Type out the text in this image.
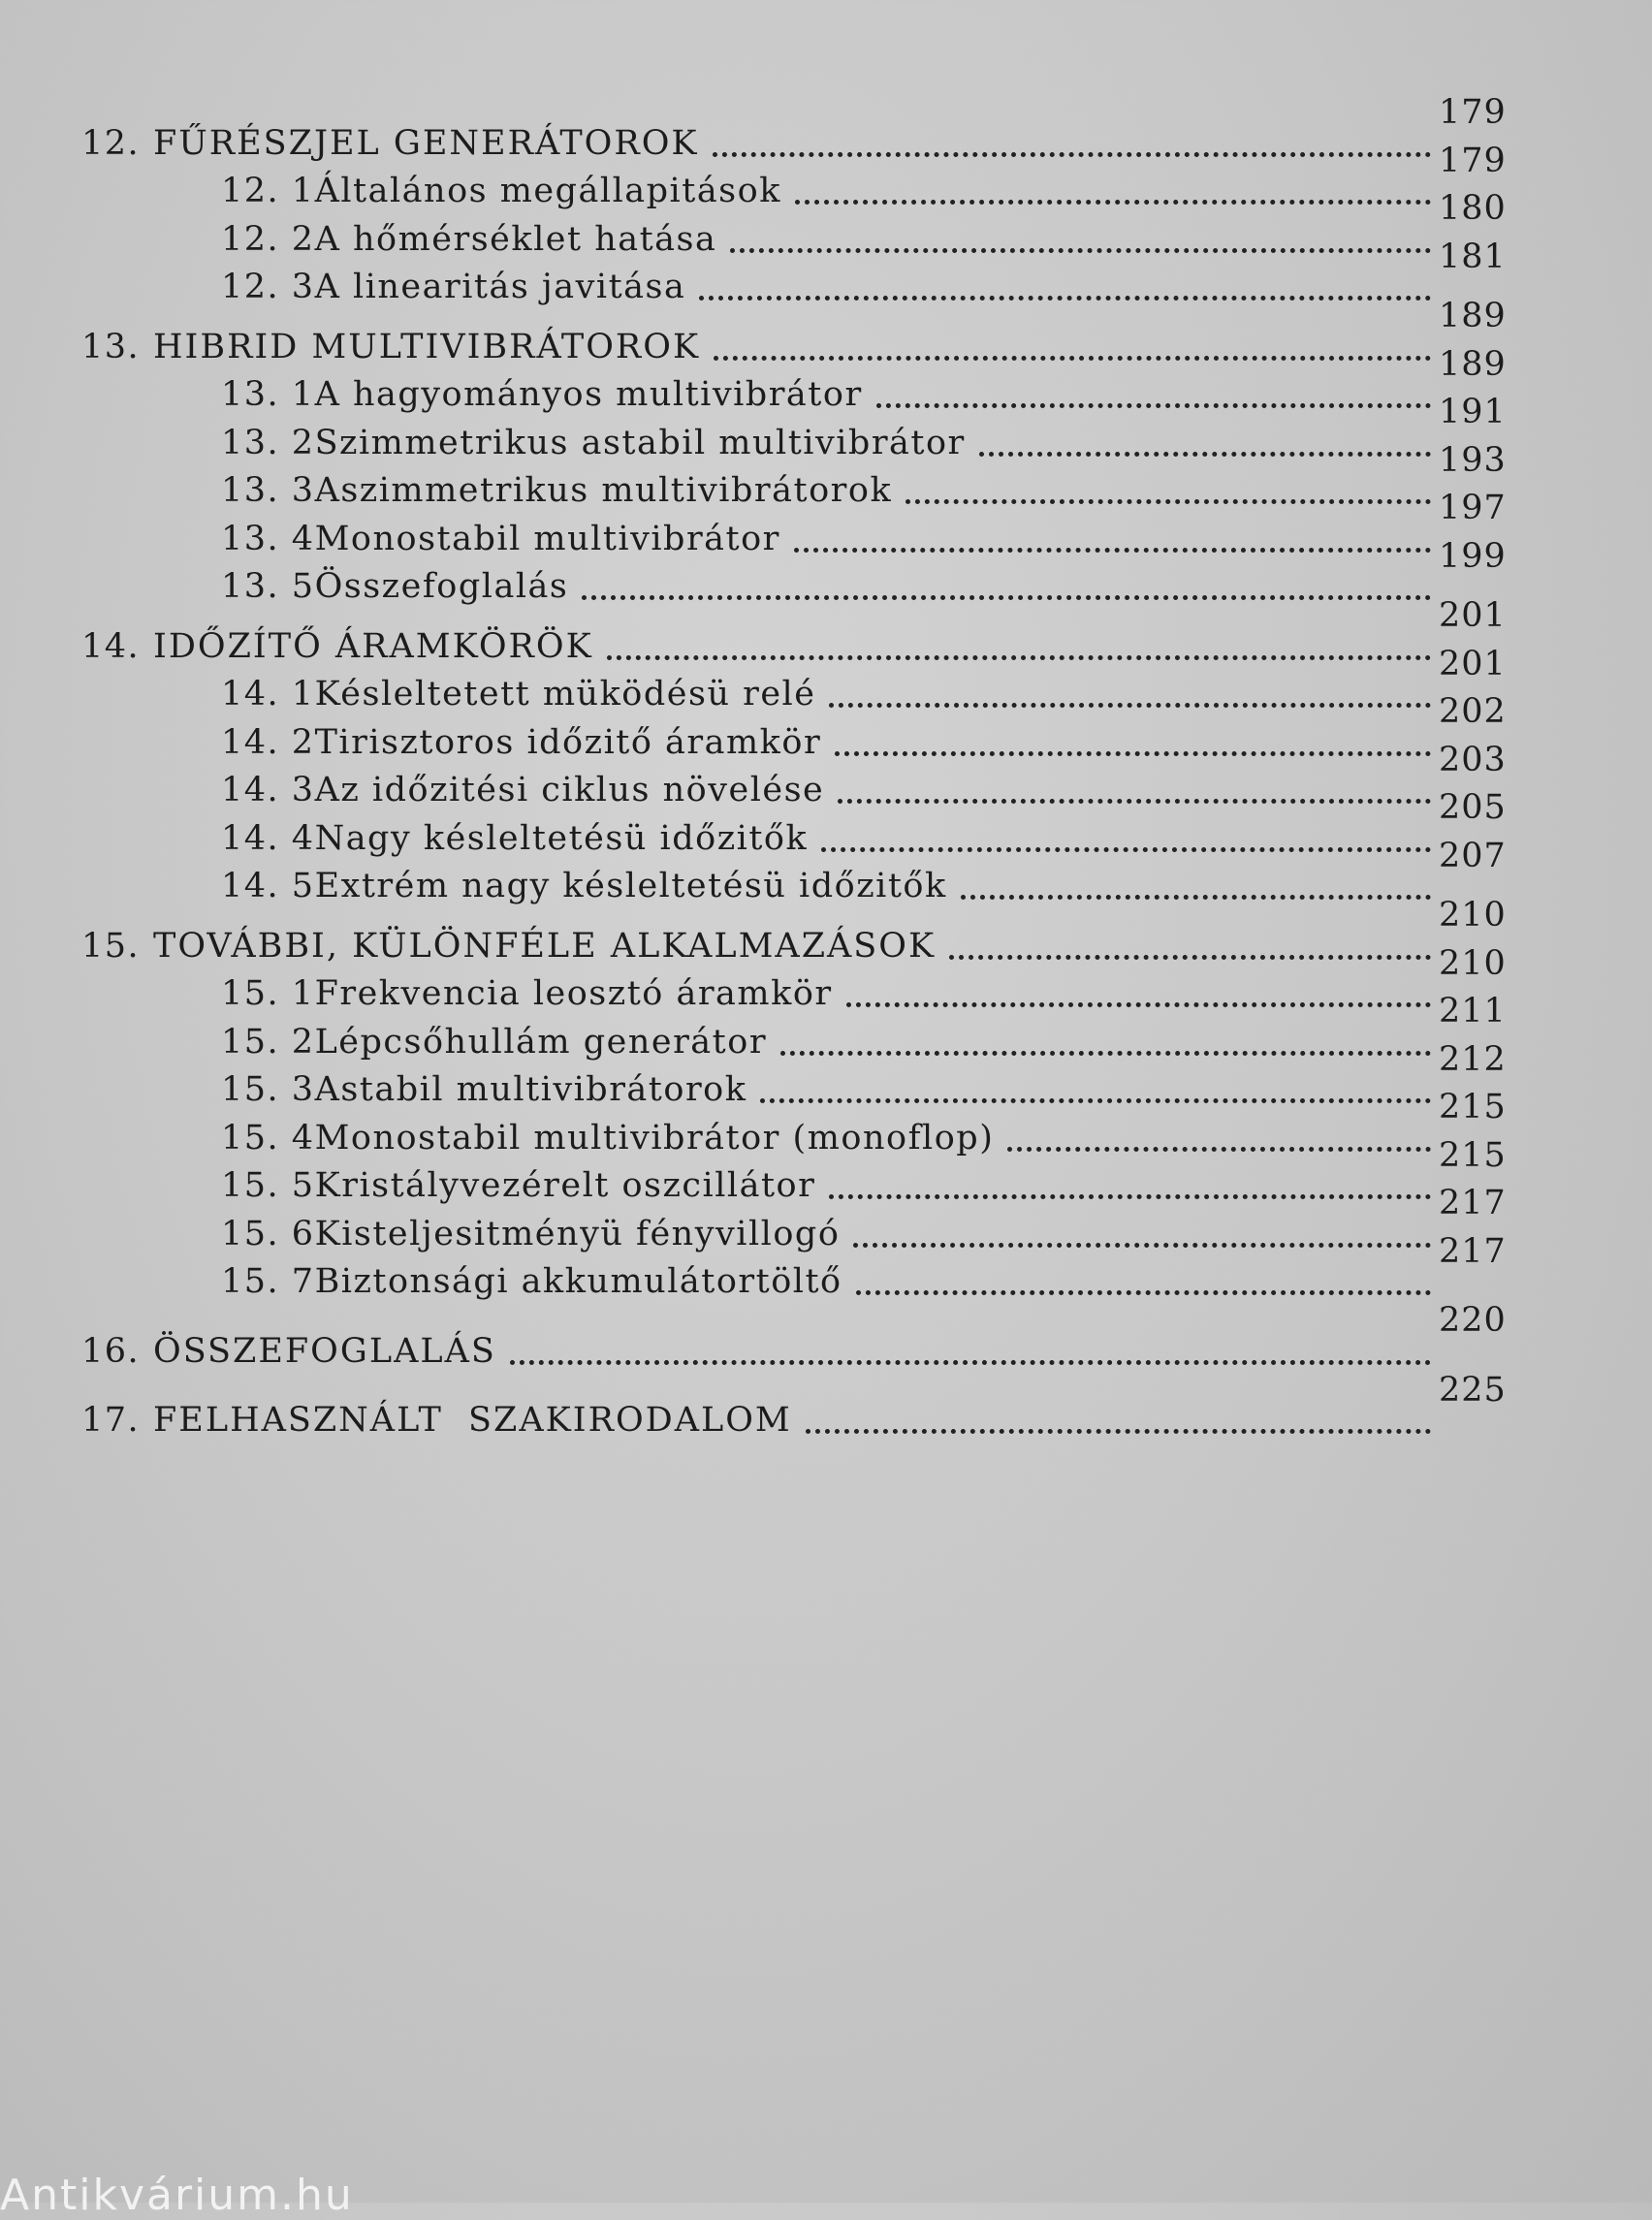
12. FŰRÉSZJEL GENERÁTOROK
179
12. 1 Általános megállapitások
179
12. 2 A hőmérséklet hatása
180
12. 3 A linearitás javitása
181
13. HIBRID MULTIVIBRÁTOROK
189
13. 1 A hagyományos multivibrátor
189
13. 2 Szimmetrikus astabil multivibrátor
191
13. 3 Aszimmetrikus multivibrátorok
193
13. 4 Monostabil multivibrátor
197
13. 5 Összefoglalás
199
14. IDŐZÍTŐ ÁRAMKÖRÖK
201
14. 1 Késleltetett müködésü relé
201
14. 2 Tirisztoros időzitő áramkör
202
14. 3 Az időzitési ciklus növelése
203
14. 4 Nagy késleltetésü időzitők
205
14. 5 Extrém nagy késleltetésü időzitők
207
15. TOVÁBBI, KÜLÖNFÉLE ALKALMAZÁSOK
210
15. 1 Frekvencia leosztó áramkör
210
15. 2 Lépcsőhullám generátor
211
15. 3 Astabil multivibrátorok
212
15. 4 Monostabil multivibrátor (monoflop)
215
15. 5 Kristályvezérelt oszcillátor
215
15. 6 Kisteljesitményü fényvillogó
217
15. 7 Biztonsági akkumulátortöltő
217
16. ÖSSZEFOGLALÁS
220
17. FELHASZNÁLT  SZAKIRODALOM
225
Antikvárium.hu
